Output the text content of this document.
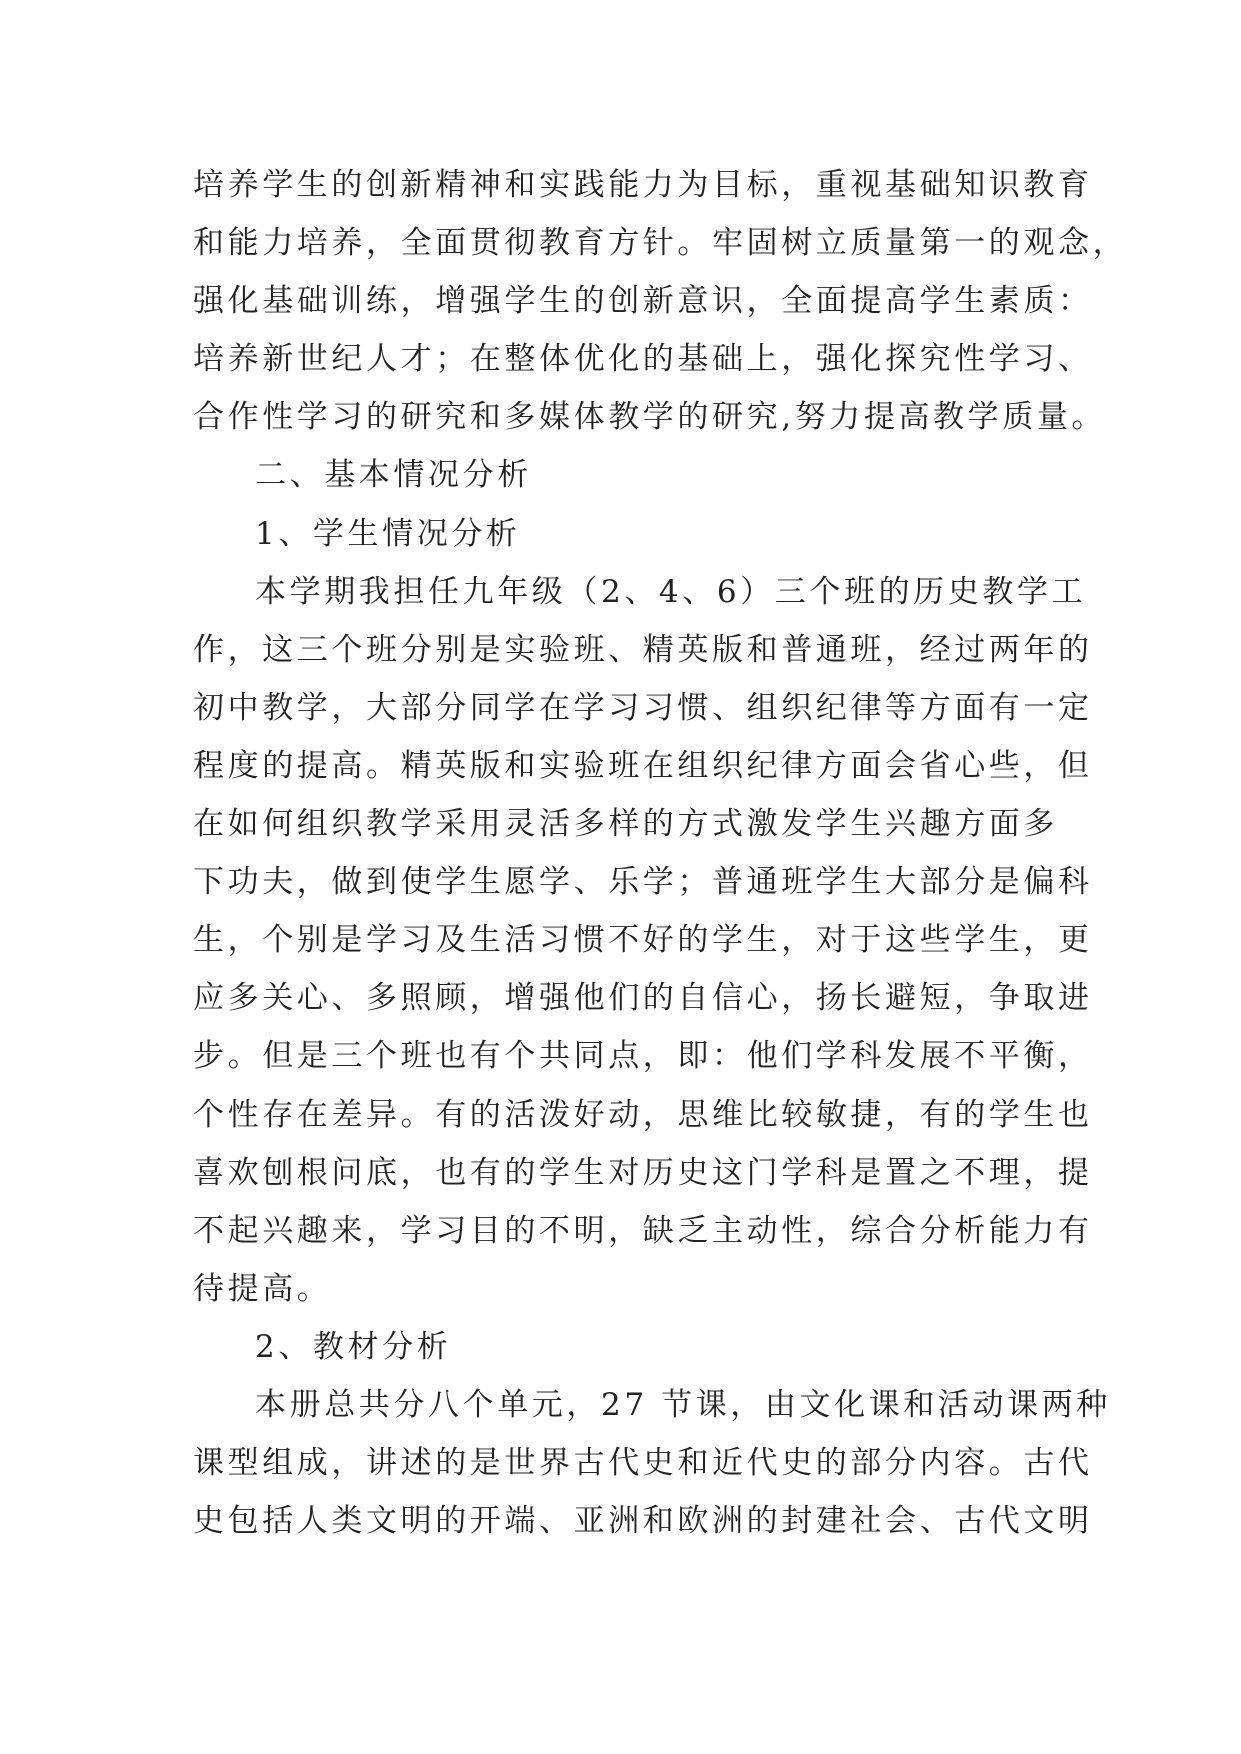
培养学生的创新精神和实践能力为目标，重视基础知识教育
和能力培养，全面贯彻教育方针。牢固树立质量第一的观念，
强化基础训练，增强学生的创新意识，全面提高学生素质：
培养新世纪人才；在整体优化的基础上，强化探究性学习、
合作性学习的研究和多媒体教学的研究,努力提高教学质量。
二、基本情况分析
1、学生情况分析
本学期我担任九年级（2、4、6）三个班的历史教学工
作，这三个班分别是实验班、精英版和普通班，经过两年的
初中教学，大部分同学在学习习惯、组织纪律等方面有一定
程度的提高。精英版和实验班在组织纪律方面会省心些，但
在如何组织教学采用灵活多样的方式激发学生兴趣方面多
下功夫，做到使学生愿学、乐学；普通班学生大部分是偏科
生，个别是学习及生活习惯不好的学生，对于这些学生，更
应多关心、多照顾，增强他们的自信心，扬长避短，争取进
步。但是三个班也有个共同点，即：他们学科发展不平衡，
个性存在差异。有的活泼好动，思维比较敏捷，有的学生也
喜欢刨根问底，也有的学生对历史这门学科是置之不理，提
不起兴趣来，学习目的不明，缺乏主动性，综合分析能力有
待提高。
2、教材分析
本册总共分八个单元，27 节课，由文化课和活动课两种
课型组成，讲述的是世界古代史和近代史的部分内容。古代
史包括人类文明的开端、亚洲和欧洲的封建社会、古代文明
